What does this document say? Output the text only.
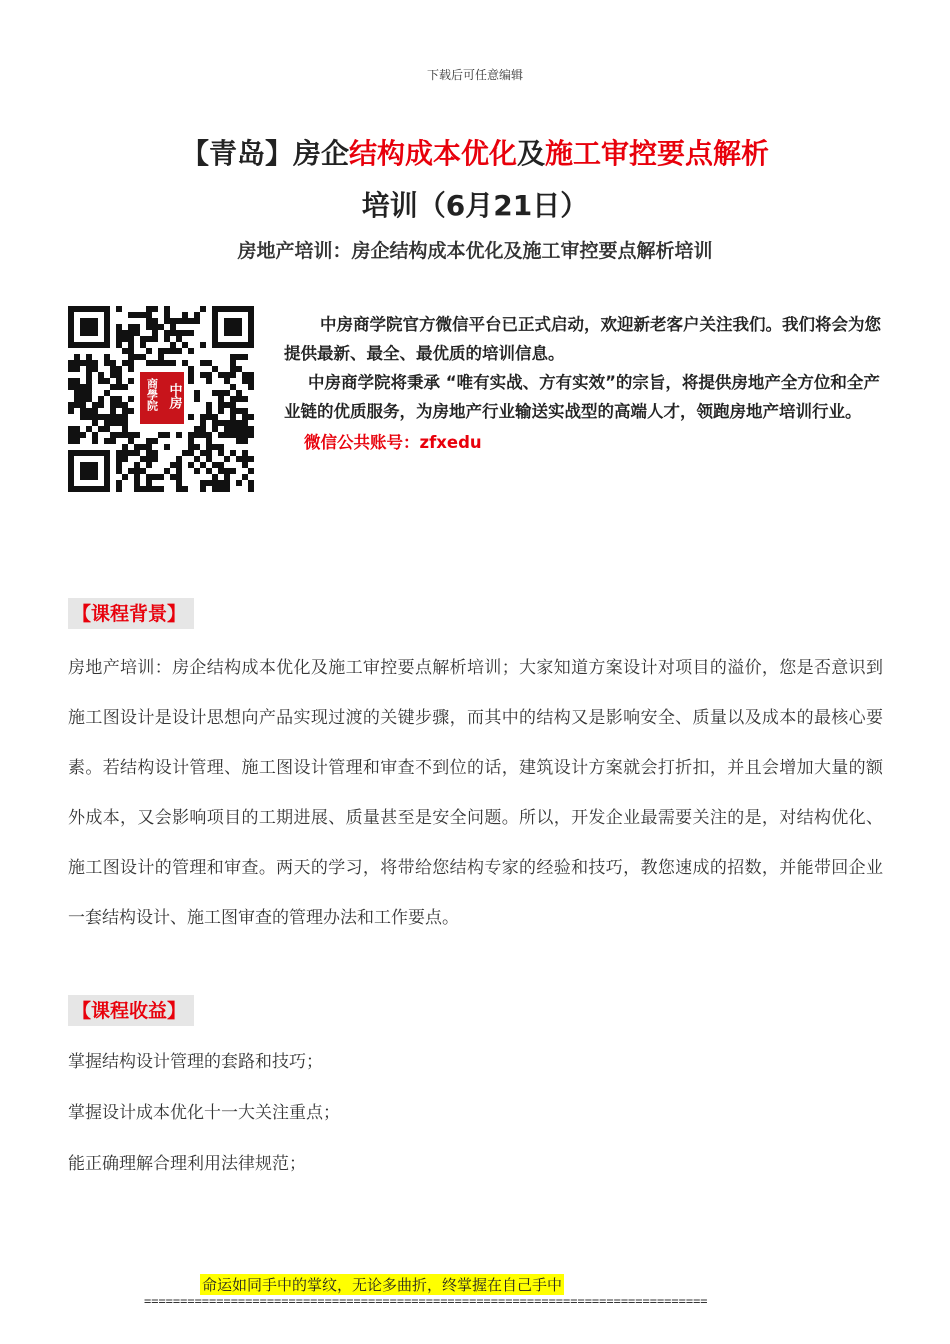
下载后可任意编辑
【青岛】房企结构成本优化及施工审控要点解析培训（6月21日）
房地产培训：房企结构成本优化及施工审控要点解析培训
中房
商學院

中房商学院官方微信平台已正式启动，欢迎新老客户关注我们。我们将会为您提供最新、最全、最优质的培训信息。

中房商学院将秉承 “唯有实战、方有实效”的宗旨，将提供房地产全方位和全产业链的优质服务，为房地产行业输送实战型的高端人才，领跑房地产培训行业。

微信公共账号：zfxedu

【课程背景】
房地产培训：房企结构成本优化及施工审控要点解析培训；大家知道方案设计对项目的溢价，您是否意识到施工图设计是设计思想向产品实现过渡的关键步骤，而其中的结构又是影响安全、质量以及成本的最核心要素。若结构设计管理、施工图设计管理和审查不到位的话，建筑设计方案就会打折扣，并且会增加大量的额外成本，又会影响项目的工期进展、质量甚至是安全问题。所以，开发企业最需要关注的是，对结构优化、施工图设计的管理和审查。两天的学习，将带给您结构专家的经验和技巧，教您速成的招数，并能带回企业一套结构设计、施工图审查的管理办法和工作要点。
【课程收益】
掌握结构设计管理的套路和技巧；
掌握设计成本优化十一大关注重点；
能正确理解合理利用法律规范；
命运如同手中的掌纹，无论多曲折，终掌握在自己手中
==============================================================================
